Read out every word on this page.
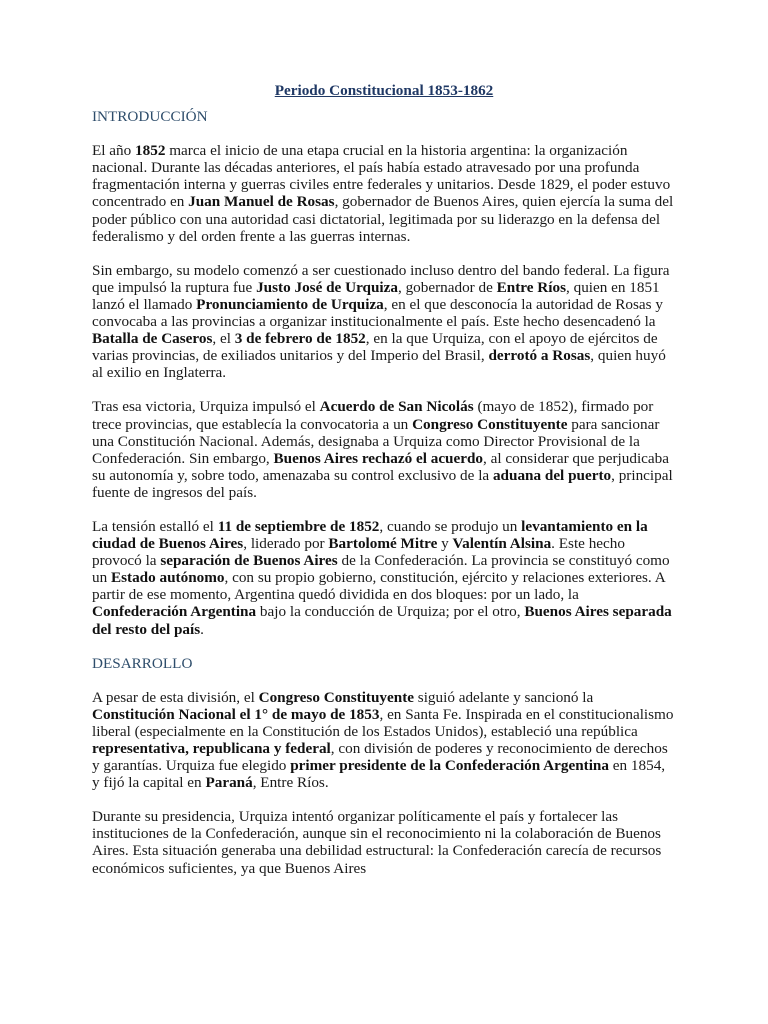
Periodo Constitucional 1853-1862
INTRODUCCIÓN

El año 1852 marca el inicio de una etapa crucial en la historia argentina: la organización nacional. Durante las décadas anteriores, el país había estado atravesado por una profunda fragmentación interna y guerras civiles entre federales y unitarios. Desde 1829, el poder estuvo concentrado en Juan Manuel de Rosas, gobernador de Buenos Aires, quien ejercía la suma del poder público con una autoridad casi dictatorial, legitimada por su liderazgo en la defensa del federalismo y del orden frente a las guerras internas.

Sin embargo, su modelo comenzó a ser cuestionado incluso dentro del bando federal. La figura que impulsó la ruptura fue Justo José de Urquiza, gobernador de Entre Ríos, quien en 1851 lanzó el llamado Pronunciamiento de Urquiza, en el que desconocía la autoridad de Rosas y convocaba a las provincias a organizar institucionalmente el país. Este hecho desencadenó la Batalla de Caseros, el 3 de febrero de 1852, en la que Urquiza, con el apoyo de ejércitos de varias provincias, de exiliados unitarios y del Imperio del Brasil, derrotó a Rosas, quien huyó al exilio en Inglaterra.

Tras esa victoria, Urquiza impulsó el Acuerdo de San Nicolás (mayo de 1852), firmado por trece provincias, que establecía la convocatoria a un Congreso Constituyente para sancionar una Constitución Nacional. Además, designaba a Urquiza como Director Provisional de la Confederación. Sin embargo, Buenos Aires rechazó el acuerdo, al considerar que perjudicaba su autonomía y, sobre todo, amenazaba su control exclusivo de la aduana del puerto, principal fuente de ingresos del país.

La tensión estalló el 11 de septiembre de 1852, cuando se produjo un levantamiento en la ciudad de Buenos Aires, liderado por Bartolomé Mitre y Valentín Alsina. Este hecho provocó la separación de Buenos Aires de la Confederación. La provincia se constituyó como un Estado autónomo, con su propio gobierno, constitución, ejército y relaciones exteriores. A partir de ese momento, Argentina quedó dividida en dos bloques: por un lado, la Confederación Argentina bajo la conducción de Urquiza; por el otro, Buenos Aires separada del resto del país.

DESARROLLO

A pesar de esta división, el Congreso Constituyente siguió adelante y sancionó la Constitución Nacional el 1° de mayo de 1853, en Santa Fe. Inspirada en el constitucionalismo liberal (especialmente en la Constitución de los Estados Unidos), estableció una república representativa, republicana y federal, con división de poderes y reconocimiento de derechos y garantías. Urquiza fue elegido primer presidente de la Confederación Argentina en 1854, y fijó la capital en Paraná, Entre Ríos.

Durante su presidencia, Urquiza intentó organizar políticamente el país y fortalecer las instituciones de la Confederación, aunque sin el reconocimiento ni la colaboración de Buenos Aires. Esta situación generaba una debilidad estructural: la Confederación carecía de recursos económicos suficientes, ya que Buenos Aires
